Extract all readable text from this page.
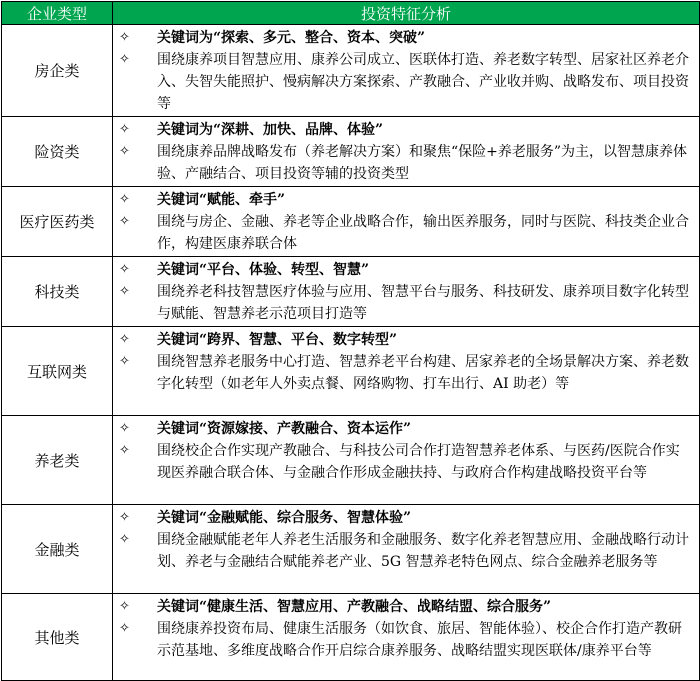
企业类型	投资特征分析
房企类	✧ 关键词为“探索、多元、整合、资本、突破”
✧ 围绕康养项目智慧应用、康养公司成立、医联体打造、养老数字转型、居家社区养老介入、失智失能照护、慢病解决方案探索、产教融合、产业收并购、战略发布、项目投资等

险资类	✧ 关键词为“深耕、加快、品牌、体验”
✧ 围绕康养品牌战略发布（养老解决方案）和聚焦“保险+养老服务”为主，以智慧康养体验、产融结合、项目投资等辅的投资类型

医疗医药类	✧ 关键词“赋能、牵手”
✧ 围绕与房企、金融、养老等企业战略合作，输出医养服务，同时与医院、科技类企业合作，构建医康养联合体

科技类	✧ 关键词“平台、体验、转型、智慧”
✧ 围绕养老科技智慧医疗体验与应用、智慧平台与服务、科技研发、康养项目数字化转型与赋能、智慧养老示范项目打造等

互联网类	✧ 关键词“跨界、智慧、平台、数字转型”
✧ 围绕智慧养老服务中心打造、智慧养老平台构建、居家养老的全场景解决方案、养老数字化转型（如老年人外卖点餐、网络购物、打车出行、AI 助老）等

养老类	✧ 关键词“资源嫁接、产教融合、资本运作”
✧ 围绕校企合作实现产教融合、与科技公司合作打造智慧养老体系、与医药/医院合作实现医养融合联合体、与金融合作形成金融扶持、与政府合作构建战略投资平台等

金融类	✧ 关键词“金融赋能、综合服务、智慧体验”
✧ 围绕金融赋能老年人养老生活服务和金融服务、数字化养老智慧应用、金融战略行动计划、养老与金融结合赋能养老产业、5G 智慧养老特色网点、综合金融养老服务等

其他类	✧ 关键词“健康生活、智慧应用、产教融合、战略结盟、综合服务”
✧ 围绕康养投资布局、健康生活服务（如饮食、旅居、智能体验）、校企合作打造产教研示范基地、多维度战略合作开启综合康养服务、战略结盟实现医联体/康养平台等
